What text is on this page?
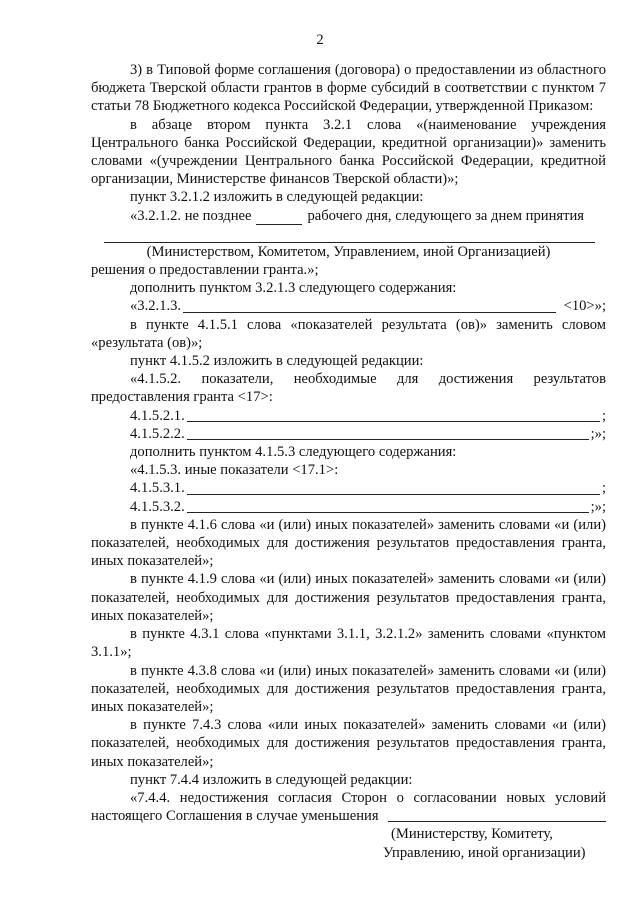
2

3) в Типовой форме соглашения (договора) о предоставлении из областного бюджета Тверской области грантов в форме субсидий в соответствии с пунктом 7 статьи 78 Бюджетного кодекса Российской Федерации, утвержденной Приказом:

в абзаце втором пункта 3.2.1 слова «(наименование учреждения Центрального банка Российской Федерации, кредитной организации)» заменить словами «(учреждении Центрального банка Российской Федерации, кредитной организации, Министерстве финансов Тверской области)»;

пункт 3.2.1.2 изложить в следующей редакции:

«3.2.1.2. не позднее	рабочего дня, следующего за днем принятия
(Министерством, Комитетом, Управлением, иной Организацией)

решения о предоставлении гранта.»;

дополнить пунктом 3.2.1.3 следующего содержания:

«3.2.1.3.	<10>»;

в пункте 4.1.5.1 слова «показателей результата (ов)» заменить словом «результата (ов)»;

пункт 4.1.5.2 изложить в следующей редакции:

«4.1.5.2. показатели, необходимые для достижения результатов предоставления гранта <17>:

4.1.5.2.1.	;
4.1.5.2.2.	;»;

дополнить пунктом 4.1.5.3 следующего содержания:

«4.1.5.3. иные показатели <17.1>:

4.1.5.3.1.	;
4.1.5.3.2.	;»;

в пункте 4.1.6 слова «и (или) иных показателей» заменить словами «и (или) показателей, необходимых для достижения результатов предоставления гранта, иных показателей»;

в пункте 4.1.9 слова «и (или) иных показателей» заменить словами «и (или) показателей, необходимых для достижения результатов предоставления гранта, иных показателей»;

в пункте 4.3.1 слова «пунктами 3.1.1, 3.2.1.2» заменить словами «пунктом 3.1.1»;

в пункте 4.3.8 слова «и (или) иных показателей» заменить словами «и (или) показателей, необходимых для достижения результатов предоставления гранта, иных показателей»;

в пункте 7.4.3 слова «или иных показателей» заменить словами «и (или) показателей, необходимых для достижения результатов предоставления гранта, иных показателей»;

пункт 7.4.4 изложить в следующей редакции:

«7.4.4. недостижения согласия Сторон о согласовании новых условий настоящего Соглашения в случае уменьшения

(Министерству, Комитету,
Управлению, иной организации)
